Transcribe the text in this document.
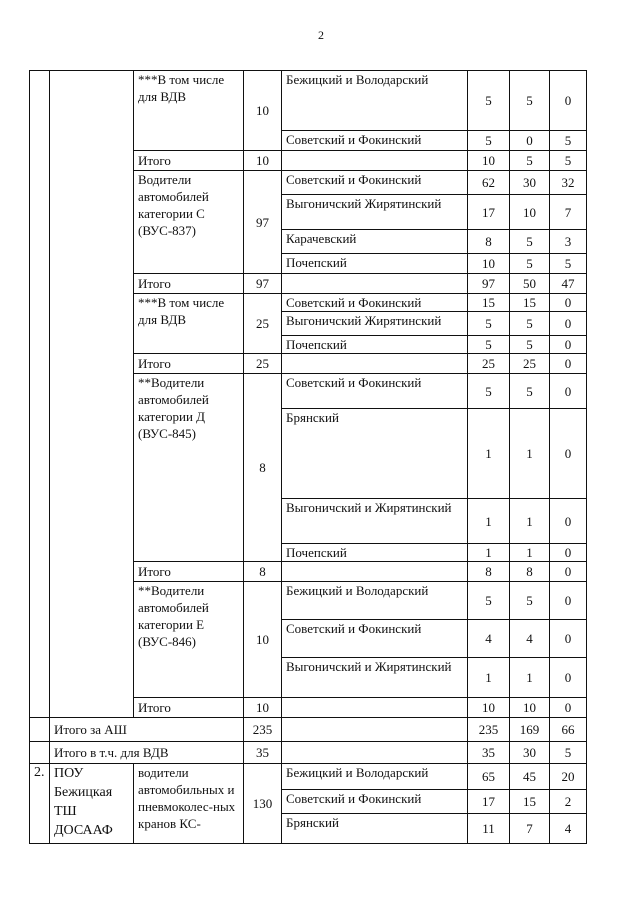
2
		***В том числе для ВДВ	10	Бежицкий и Володарский	5	5	0
				Советский и Фокинский	5	0	5
		Итого	10		10	5	5
		Водители автомобилей категории С (ВУС-837)	97	Советский и Фокинский	62	30	32
				Выгоничский Жирятинский	17	10	7
				Карачевский	8	5	3
				Почепский	10	5	5
		Итого	97		97	50	47
		***В том числе для ВДВ	25	Советский и Фокинский	15	15	0
				Выгоничский Жирятинский	5	5	0
				Почепский	5	5	0
		Итого	25		25	25	0
		**Водители автомобилей категории Д (ВУС-845)	8	Советский и Фокинский	5	5	0
				Брянский	1	1	0
				Выгоничский и Жирятинский	1	1	0
				Почепский	1	1	0
		Итого	8		8	8	0
		**Водители автомобилей категории Е (ВУС-846)	10	Бежицкий и Володарский	5	5	0
				Советский и Фокинский	4	4	0
				Выгоничский и Жирятинский	1	1	0
		Итого	10		10	10	0
	Итого за АШ		235		235	169	66
	Итого в т.ч. для ВДВ		35		35	30	5
2.	ПОУ Бежицкая ТШ ДОСААФ	водители автомобильных и пневмоколес-ных кранов КС-	130	Бежицкий и Володарский	65	45	20
				Советский и Фокинский	17	15	2
				Брянский	11	7	4
